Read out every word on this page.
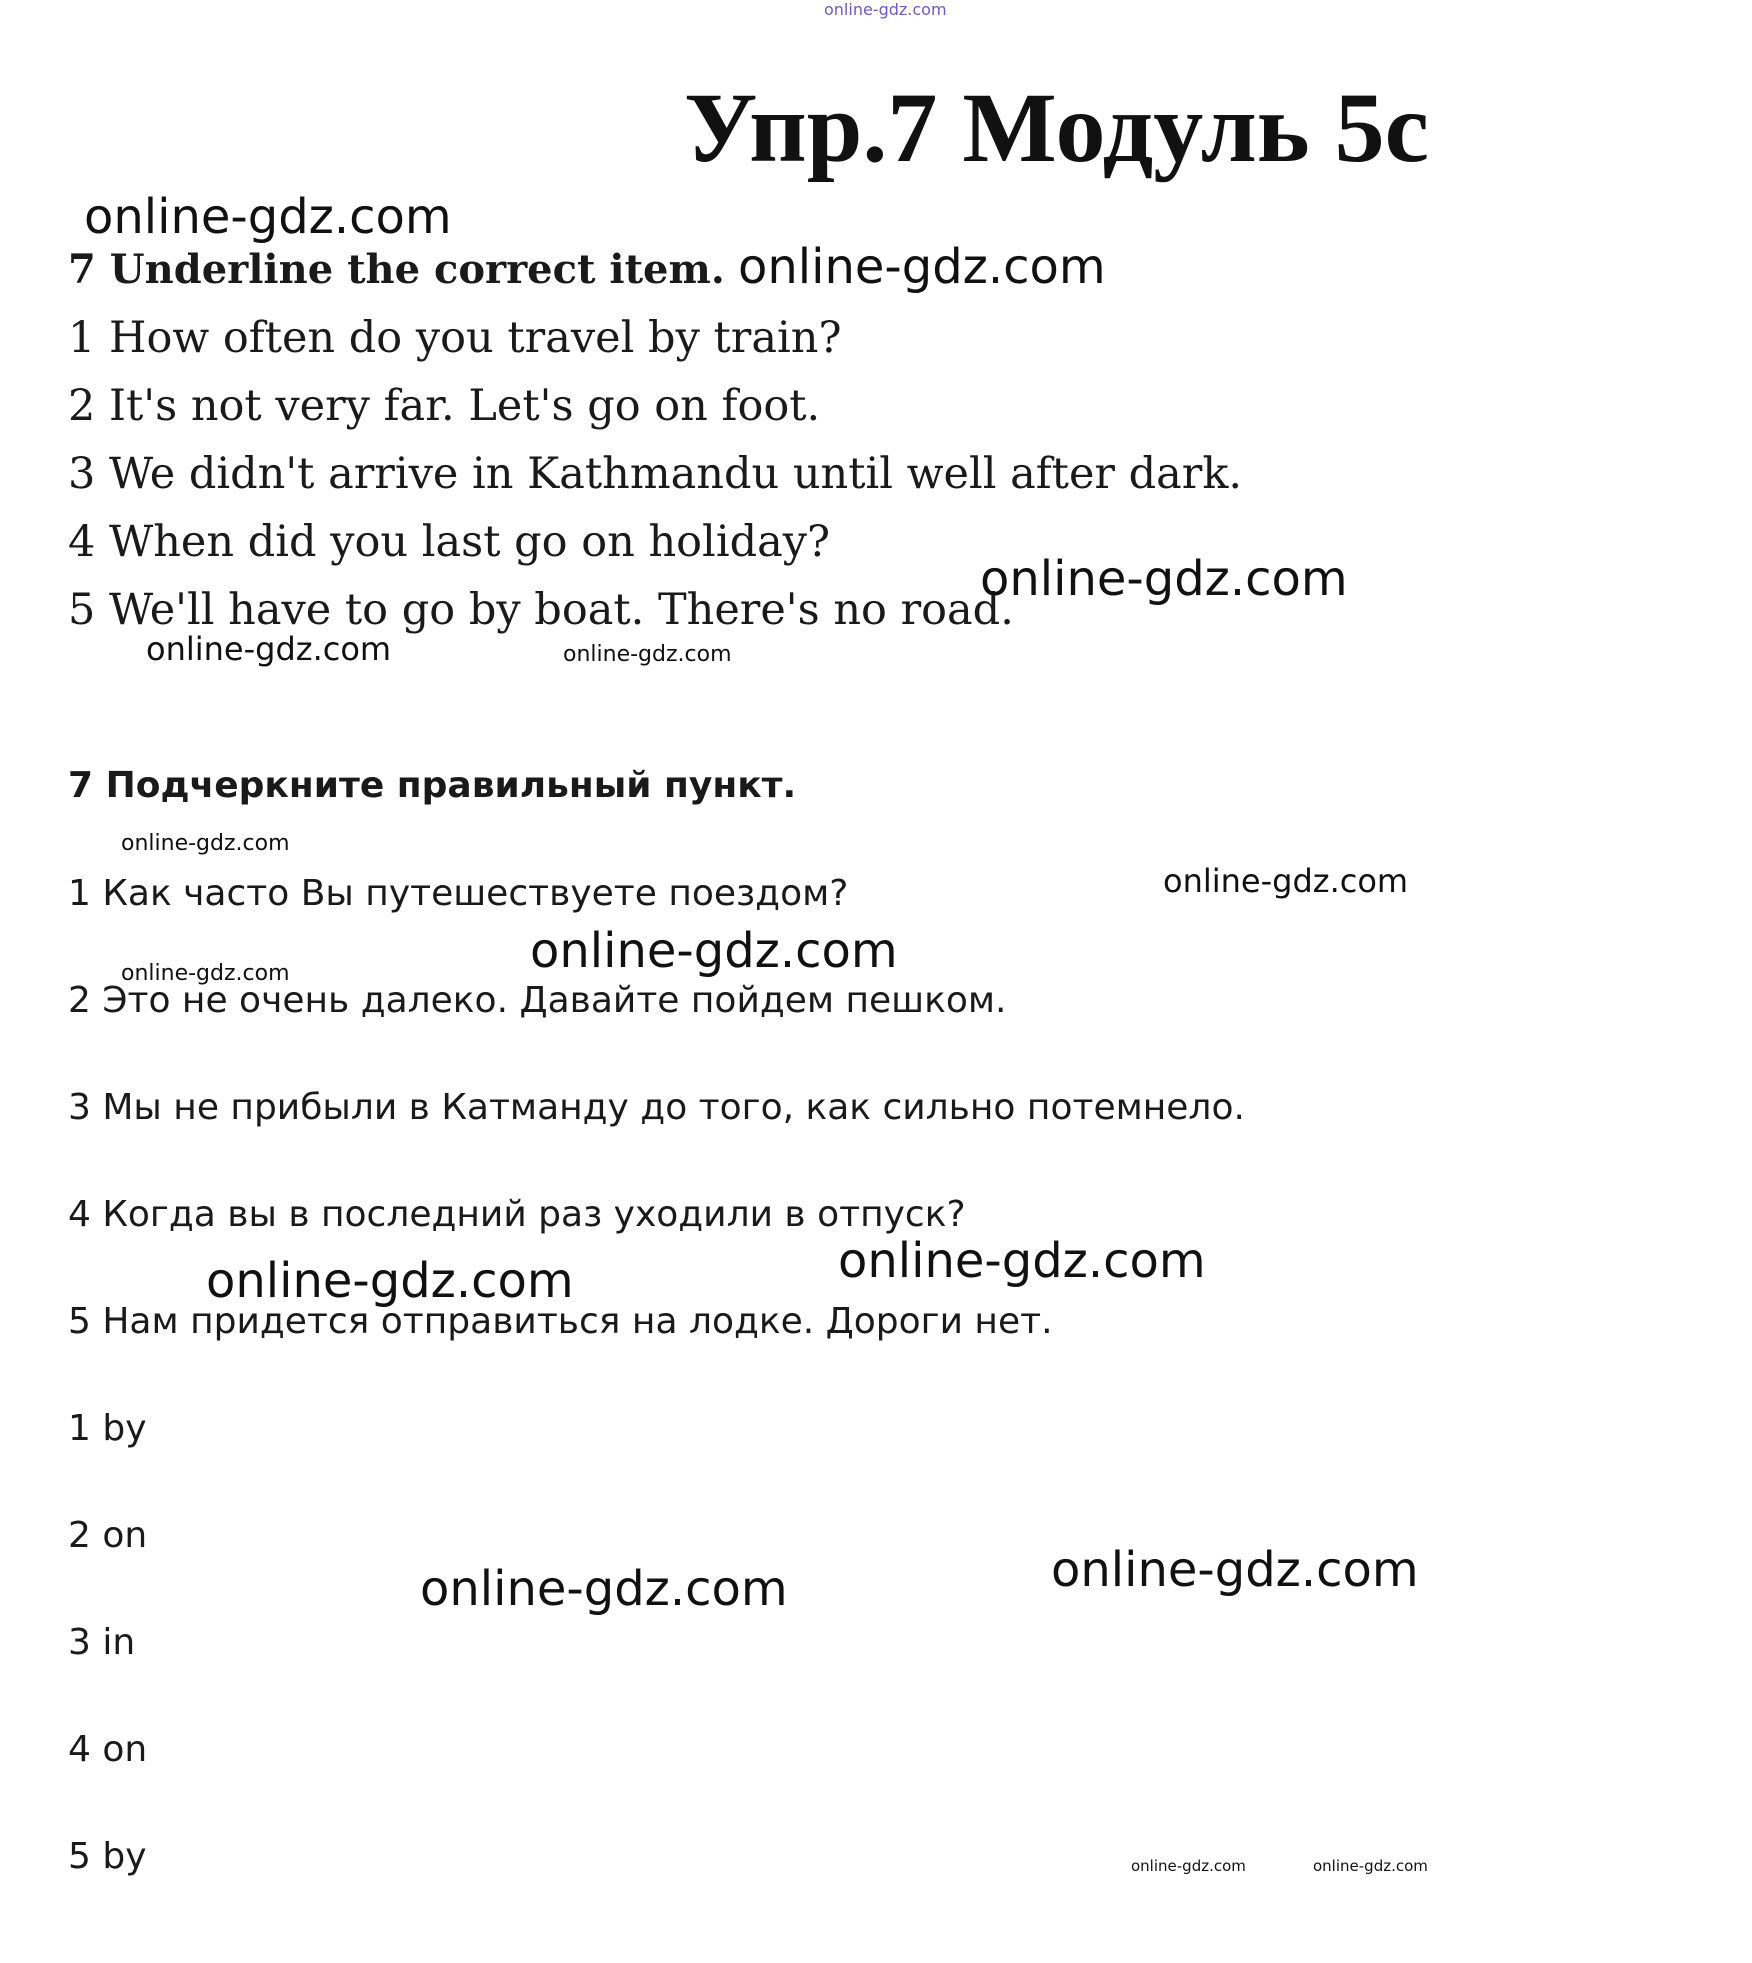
online-gdz.com
Упр.7 Модуль 5c
online-gdz.com
7 Underline the correct item. online-gdz.com
1 How often do you travel by train?
2 It's not very far. Let's go on foot.
3 We didn't arrive in Kathmandu until well after dark.
4 When did you last go on holiday?
5 We'll have to go by boat. There's no road.
online-gdz.com
online-gdz.com	online-gdz.com
7 Подчеркните правильный пункт.
online-gdz.com
online-gdz.com
1 Как часто Вы путешествуете поездом?
online-gdz.com
online-gdz.com
2 Это не очень далеко. Давайте пойдем пешком.
3 Мы не прибыли в Катманду до того, как сильно потемнело.
4 Когда вы в последний раз уходили в отпуск?
online-gdz.com
online-gdz.com
5 Нам придется отправиться на лодке. Дороги нет.
1 by
2 on
online-gdz.com
online-gdz.com
3 in
4 on
5 by	online-gdz.com	online-gdz.com
